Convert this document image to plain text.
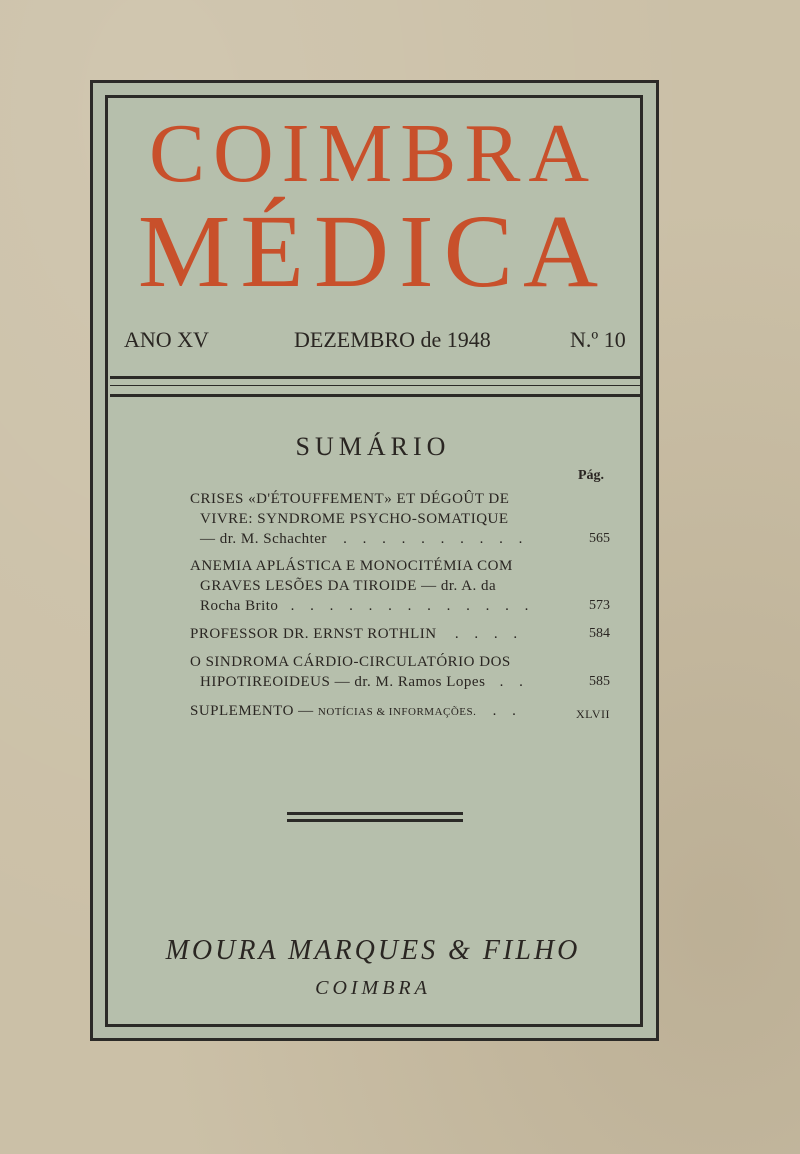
COIMBRA
MÉDICA
ANO XV	DEZEMBRO de 1948	N.º 10
SUMÁRIO
Pág.
CRISES «D'ÉTOUFFEMENT» ET DÉGOÛT DE
VIVRE: SYNDROME PSYCHO-SOMATIQUE
— dr. M. Schachter . . . . . . . . . .	565
ANEMIA APLÁSTICA E MONOCITÉMIA COM
GRAVES LESÕES DA TIROIDE — dr. A. da
Rocha Brito . . . . . . . . . . . . .	573
PROFESSOR DR. ERNST ROTHLIN . . . .	584
O SINDROMA CÁRDIO-CIRCULATÓRIO DOS
HIPOTIREOIDEUS — dr. M. Ramos Lopes . .	585
SUPLEMENTO — NOTÍCIAS & INFORMAÇÕES. . .	XLVII
MOURA MARQUES & FILHO
COIMBRA
